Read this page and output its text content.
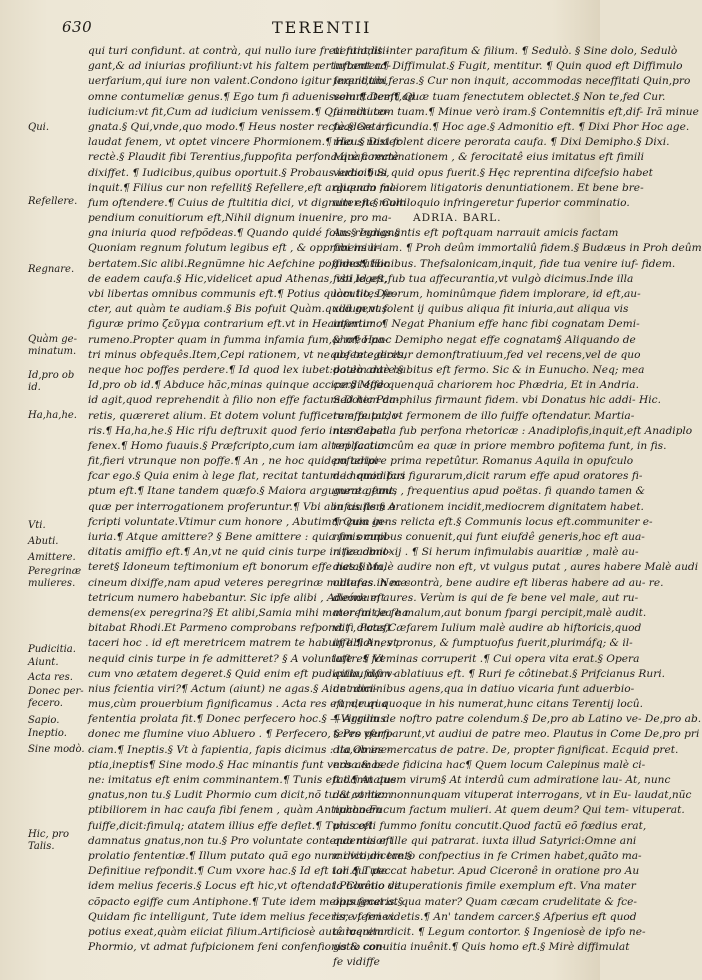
630	TERENTII
Qui.
Refellere.
Regnare.
Quàm ge-
minatum.
Id,pro ob
id.
Ha,ha,he.
Vti.
Abuti.
Amittere.
Peregrinæ
mulieres.
Pudicitia.
Aiunt.
Acta res.
Donec per-
fecero.
Sapio.
Ineptio.
Sine modò.
Hic, pro
Talis.
qui turi confidunt. at contrà, qui nullo iure freti funt,liti-
gant,& ad iniurias profiliunt:vt his faltem perturbent ad-
uerfarium,qui iure non valent.Condono igitur inquit,tibi
omne contumeliæ genus.¶ Ego tum fi aduenissem.¶ Deeft,ad
iudicium:vt fit,Cum ad iudicium venissem.¶ Qui mihi co-
gnata.§ Qui,vnde,quo modo.¶ Heus noster rectè.§ Geta fic
laudat fenem, vt optet vincere Phormionem.¶ Heus noster
rectè.§ Plaudit fibi Terentius,fuppofita perfona:quafi rectè
dixiffet. ¶ Iudicibus,quibus oportuit.§ Probaus iudicibus,
inquit.¶ Filius cur non refellit§ Refellere,eft arguendo fal-
fum oftendere.¶ Cuius de ftultitia dici, vt dignum eft.§ Com
pendium conuitiorum eft,Nihil dignum inuenire, pro ma-
gna iniuria quod refpõdeas.¶ Quando quidé folus regnas.§
Quoniam regnum folutum legibus eft , & opprimens li-
bertatem.Sic alibi.Regnũmne hic Aefchine poffides¶ Hic
de eadem caufa.§ Hic,videlicet apud Athenas, vbi leges,
vbi libertas omnibus communis eft.¶ Potius quàm lites fe-
cter, aut quàm te audiam.§ Bis pofuit Quàm.quod genus
figuræ primo ζεῦγμα contrarium eft.vt in Heautontimo-
rumeno.Propter quam in fumma infamia fum,& meo pa-
tri minus obfequês.Item,Cepi rationem, vt neque te egeres,
neque hoc poffes perdere.¶ Id quod lex iubet:dotem dare.§
Id,pro ob id.¶ Abduce hãc,minas quinque accipe.§ Modo
id agit,quod reprehendit à filio non effe factum.Dotem da-
retis, quæreret alium. Et dotem volunt fufficere effe pudo-
ris.¶ Ha,ha,he.§ Hic rifu deftruxit quod ferio intendebat
fenex.¶ Homo fuauis.§ Præfcripto,cum iam alteri factum
fit,fieri vtrunque non poffe.¶ An , ne hoc quidem adipi-
fcar ego.§ Quia enim à lege flat, recitat tantum id quod fcri
ptum eft.¶ Itane tandem quæfo.§ Maiora argumenta funt,
quæ per interrogationem proferuntur.¶ Vbi abufus fis.§ A
fcripti voluntate.Vtimur cum honore , Abutimur cum in-
iuria.¶ Atque amittere? § Bene amittere : quia finis cupi-
ditatis amiffio eft.¶ An,vt ne quid cinis turpe in fe admit-
teret§ Idoneum teftimonium eft bonorum effe natalium,
cineum dixiffe,nam apud veteres peregrinæ mulieres in me-
tetricum numero habebantur. Sic ipfe alibi , Adeóne eft
demens(ex peregrina?§ Et alibi,Samia mihi mater fuit,ea ha
bitabat Rhodi.Et Parmeno comprobans refpondit , Poteft
taceri hoc . id eft meretricem matrem te habuiffe.¶ An, vt
nequid cinis turpe in fe admitteret? § A voluntate . ¶ Vt
cum vno ætatem degeret.§ Quid enim eft pudicitia, nifi v-
nius fcientia viri?¶ Actum (aiunt) ne agas.§ Aiunt dici-
mus,cùm prouerbium fignificamus . Acta res eft, de qua
fententia prolata fit.¶ Donec perfecero hoc.§ —Virgilius.
donec me flumine viuo Abluero . ¶ Perfecero, § Pro perfi-
ciam.¶ Ineptis.§ Vt à fapientia, fapis dicimus : ita ab ine-
ptia,ineptis¶ Sine modo.§ Hac minantis funt verba.& be
ne: imitatus eft enim comminantem.¶ Tunis eft damnatus
gnatus,non tu.§ Ludit Phormio cum dicit,nõ tu:& contem
ptibiliorem in hac caufa fibi fenem , quàm Antiphonem
fuiffe,dicit:fimulq; atatem illius effe deflet.¶ Tunis eft
damnatus gnatus,non tu.§ Pro voluntate contendentis eft
prolatio fententiæ.¶ Illum putato quã ego nunc dico,dicere.§
Definitiue refpondit.¶ Cum vxore hac.§ Id eft tali.¶ Tute
idem melius feceris.§ Locus eft hic,vt oftendat Phormio de
cõpacto egiffe cum Antiphone.¶ Tute idem melius feceris.§
Quidam fic intelligunt, Tute idem melius feceris, vt fenex
potius exeat,quàm eiiciat filium.Artificiosè autê loquitur
Phormio, vt admat fufpicionem feni confenfionis & con-
uentionis inter parafitum & filium. ¶ Sedulò. § Sine dolo, Sedulò
inftanter.¶ Diffimulat.§ Fugit, mentitur. ¶ Quin quod eft Diffimulo
ferendum,feras.§ Cur non inquit, accommodas neceffitati Quin,pro
voluntatem¶ Quæ tuam fenectutem oblectet.§ Non te,fed Cur.
fenectutem tuam.¶ Minue verò iram.§ Contemnitis eft,dif- Irã minue
fuadere iracundia.¶ Hoc age.§ Admonitio eft. ¶ Dixi Phor Hoc age.
mio .§ Dixi folent dicere perorata caufa. ¶ Dixi Demipho.§ Dixi.
Mirè comminationem , & ferocitatê eius imitatus eft fimili
verbo.¶ Si quid opus fuerit.§ Hęc reprentina difcefsio habet
aliquam maiorem litigatoris denuntiationem. Et bene bre-
uiter:ne multiloquio infringeretur fuperior comminatio.
ADRIA. BARL.
An.§ Indignantis eft poftquam narrauit amicis factam
fibi iniuriam. ¶ Proh deûm immortaliû fidem.§ Budæus in Proh deûm
annotationibus. Thefsalonicam,inquit, fide tua venire iuf- fidem.
fisti,id eft,fub tua affecurantia,vt vulgò dicimus.Inde illa
locutio, Deorum, hominûmque fidem implorare, id eft,au-
xilium,vt folent ij quibus aliqua fit iniuria,aut aliqua vis
infertur .¶ Negat Phanium effe hanc fibi cognatam Demi-
pho¶ Hanc Demipho negat effe cognatam§ Aliquando de
abfente,dicitur demonftratiuum,fed vel recens,vel de quo
paulò antè habitus eft fermo. Sic & in Eunucho. Neq; mea
cordi effe quenquã chariorem hoc Phædria, Et in Andria.
Sed hic Pamphilus firmaunt fidem. vbi Donatus hic addi- Hic.
tum putat, vt fermonem de illo fuiffe oftendatur. Martia-
nus Capella fub perfona rhetoricæ : Anadiplofis,inquit,eft Anadiplo
replicatio: cûm ea quæ in priore membro pofitema funt, in fis.
pofteriore prima repetûtur. Romanus Aquila in opufculo
de nominibus figurarum,dicit rarum effe apud oratores fi-
guræ genus , frequentius apud poëtas. fi quando tamen &
in ciuilem orationem incidit,mediocrem dignitatem habet.
¶ Quia gens relicta eft.§ Communis locus eft.communiter e-
nim omnibus conuenit,qui funt eiufdê generis,hoc eft aua-
ritiæ obnoxij . ¶ Si herum infimulabis auaritiæ , malè au-
dies.§ Malè audire non eft, vt vulgus putat , aures habere Malè audi
obtufas. Nec contrà, bene audire eft liberas habere ad au- re.
diendum aures. Verùm is qui de fe bene vel male, aut ru-
morem de fe malum,aut bonum fpargi percipit,malè audit.
vt fi dicas,Cæfarem Iulium malè audire ab hiftoricis,quod
in libidines pronus, & fumptuofus fuerit,plurimáfq; & il-
luftres fœminas corruperit .¶ Cui opera vita erat.§ Opera
quibufdam ablatiuus eft. ¶ Ruri fe côtinebat.§ Prifcianus Ruri.
de nominibus agens,qua in datiuo vicaria funt aduerbio-
rum,ruri quoque in his numerat,hunc citans Terentij locû.
¶ Agrum de noftro patre colendum.§ De,pro ab Latino ve- De,pro ab.
teres vfurparunt,vt audiui de patre meo. Plautus in Come De,pro pri
dia,Omes mercatus de patre. De, propter fignificat. Ecquid pret.
nos amas de fidicina hac¶ Quem locum Calepinus malè ci-
tat.¶ At quem virum§ At interdû cum admiratione lau- At, nunc
dat,vt hic. nonnunquam vituperat interrogans, vt in Eu- laudat,nũc
nucho.Fucum factum mulieri. At quem deum? Qui tem- vituperat.
pla cœli fummo fonitu concutit.Quod factũ eõ fœdius erat,
quo maior ille qui patrarat. iuxta illud Satyrici:Omne ani
mi vitium tanto confpectius in fe Crimen habet,quãto ma-
ior qui peccat habetur. Apud Ciceronê in oratione pro Au
lo Cluêtio vituperationis fimile exemplum eft. Vna mater
oppugnat.at qua mater? Quam cæcam crudelitate & fce-
lere ferri videtis.¶ An' tandem carcer.§ Afperius eft quod
carcerem dicit. ¶ Legum contortor. § Ingeniosè de ipfo ne-
gotio conuitia inuênit.¶ Quis homo eft.§ Mirè diffimulat
fe vidiffe
